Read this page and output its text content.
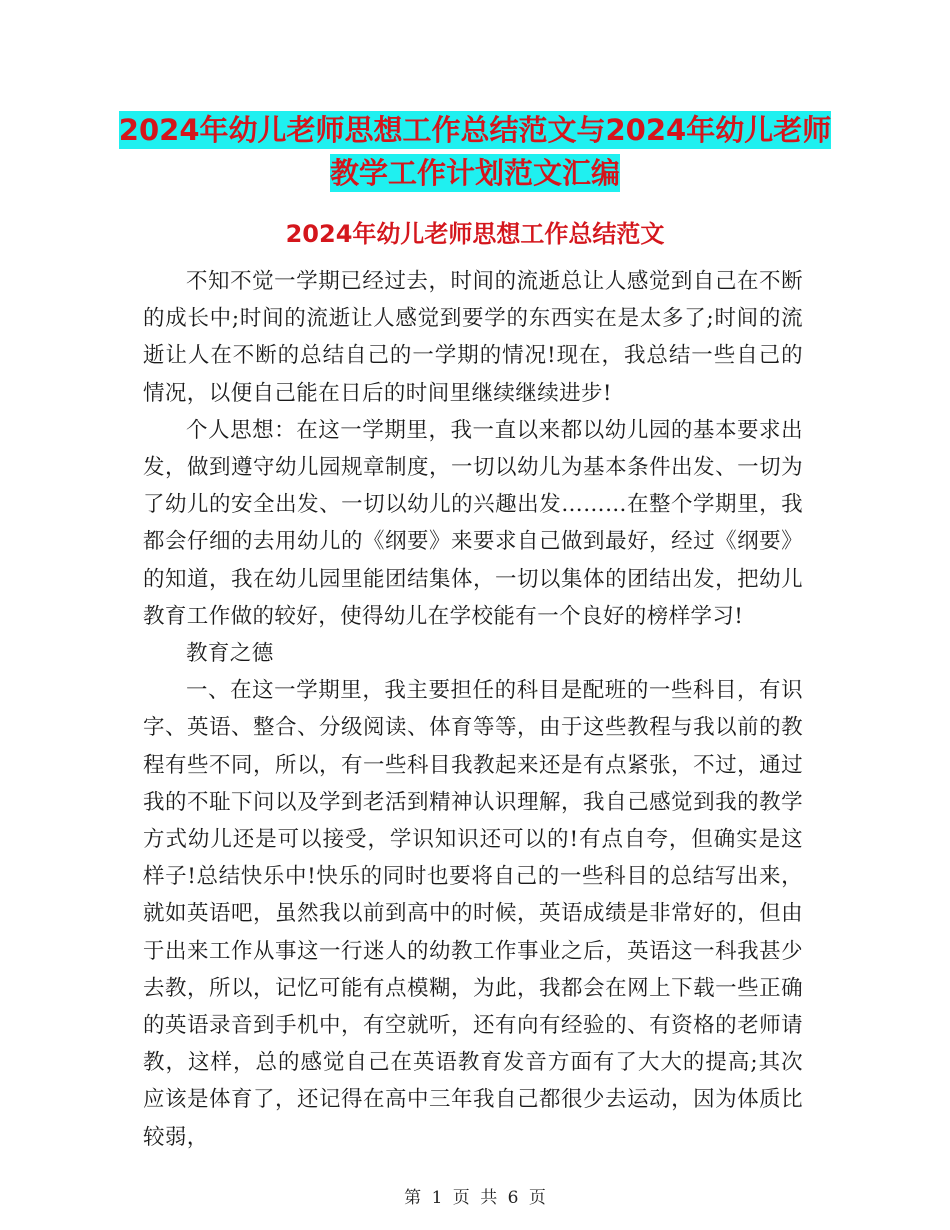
2024年幼儿老师思想工作总结范文与2024年幼儿老师
教学工作计划范文汇编
2024年幼儿老师思想工作总结范文

不知不觉一学期已经过去，时间的流逝总让人感觉到自己在不断的成长中;时间的流逝让人感觉到要学的东西实在是太多了;时间的流逝让人在不断的总结自己的一学期的情况!现在，我总结一些自己的情况，以便自己能在日后的时间里继续继续进步!

个人思想：在这一学期里，我一直以来都以幼儿园的基本要求出发，做到遵守幼儿园规章制度，一切以幼儿为基本条件出发、一切为了幼儿的安全出发、一切以幼儿的兴趣出发………在整个学期里，我都会仔细的去用幼儿的《纲要》来要求自己做到最好，经过《纲要》的知道，我在幼儿园里能团结集体，一切以集体的团结出发，把幼儿教育工作做的较好，使得幼儿在学校能有一个良好的榜样学习!

教育之德

一、在这一学期里，我主要担任的科目是配班的一些科目，有识字、英语、整合、分级阅读、体育等等，由于这些教程与我以前的教程有些不同，所以，有一些科目我教起来还是有点紧张，不过，通过我的不耻下问以及学到老活到精神认识理解，我自己感觉到我的教学方式幼儿还是可以接受，学识知识还可以的!有点自夸，但确实是这样子!总结快乐中!快乐的同时也要将自己的一些科目的总结写出来，就如英语吧，虽然我以前到高中的时候，英语成绩是非常好的，但由于出来工作从事这一行迷人的幼教工作事业之后，英语这一科我甚少去教，所以，记忆可能有点模糊，为此，我都会在网上下载一些正确的英语录音到手机中，有空就听，还有向有经验的、有资格的老师请教，这样，总的感觉自己在英语教育发音方面有了大大的提高;其次应该是体育了，还记得在高中三年我自己都很少去运动，因为体质比较弱，

第 1 页 共 6 页
